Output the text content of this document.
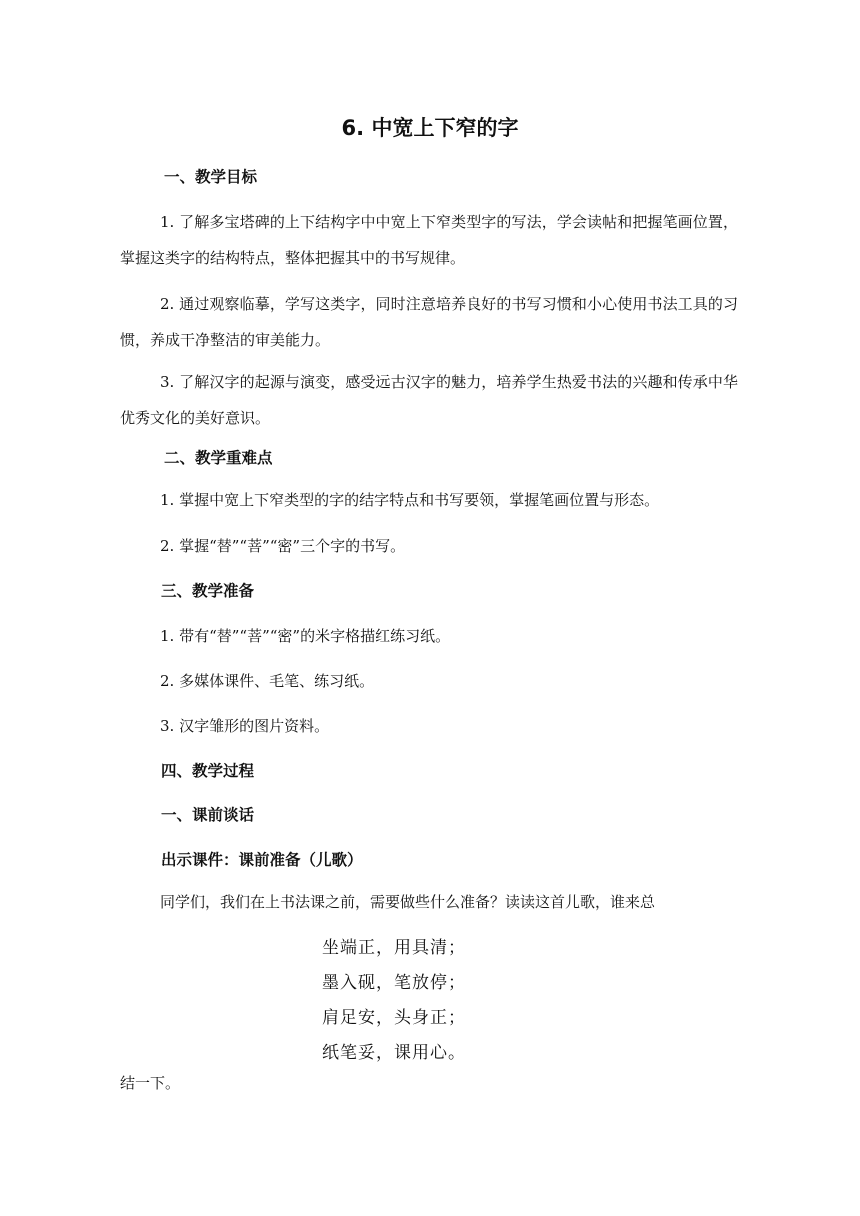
6. 中宽上下窄的字
一、教学目标

1. 了解多宝塔碑的上下结构字中中宽上下窄类型字的写法，学会读帖和把握笔画位置，掌握这类字的结构特点，整体把握其中的书写规律。

2. 通过观察临摹，学写这类字，同时注意培养良好的书写习惯和小心使用书法工具的习惯，养成干净整洁的审美能力。

3. 了解汉字的起源与演变，感受远古汉字的魅力，培养学生热爱书法的兴趣和传承中华优秀文化的美好意识。

二、教学重难点

1. 掌握中宽上下窄类型的字的结字特点和书写要领，掌握笔画位置与形态。

2. 掌握“替”“菩”“密”三个字的书写。

三、教学准备

1. 带有“替”“菩”“密”的米字格描红练习纸。

2. 多媒体课件、毛笔、练习纸。

3. 汉字雏形的图片资料。

四、教学过程
一、课前谈话

出示课件：课前准备（儿歌）

同学们，我们在上书法课之前，需要做些什么准备？读读这首儿歌，谁来总

坐端正，用具清；

墨入砚，笔放停；

肩足安，头身正；

纸笔妥，课用心。

结一下。
